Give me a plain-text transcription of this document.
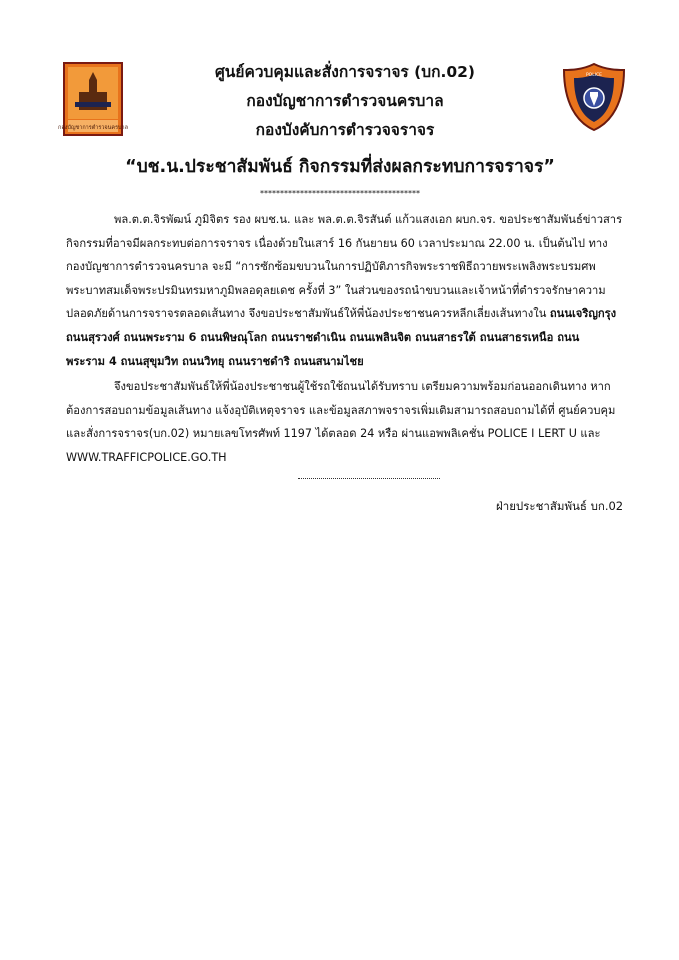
กองบัญชาการตำรวจนครบาล
POLICE
ศูนย์ควบคุมและสั่งการจราจร (บก.02)
กองบัญชาการตำรวจนครบาล
กองบังคับการตำรวจจราจร
“บช.น.ประชาสัมพันธ์ กิจกรรมที่ส่งผลกระทบการจราจร”
****************************************
พล.ต.ต.จิรพัฒน์ ภูมิจิตร รอง ผบช.น. และ พล.ต.ต.จิรสันต์ แก้วแสงเอก ผบก.จร. ขอประชาสัมพันธ์ข่าวสาร
กิจกรรมที่อาจมีผลกระทบต่อการจราจร เนื่องด้วยในเสาร์ 16 กันยายน 60 เวลาประมาณ 22.00 น. เป็นต้นไป ทาง
กองบัญชาการตำรวจนครบาล จะมี “การซักซ้อมขบวนในการปฏิบัติภารกิจพระราชพิธีถวายพระเพลิงพระบรมศพ
พระบาทสมเด็จพระปรมินทรมหาภูมิพลอดุลยเดช ครั้งที่ 3” ในส่วนของรถนำขบวนและเจ้าหน้าที่ตำรวจรักษาความ
ปลอดภัยด้านการจราจรตลอดเส้นทาง จึงขอประชาสัมพันธ์ให้พี่น้องประชาชนควรหลีกเลี่ยงเส้นทางใน ถนนเจริญกรุง
ถนนสุรวงศ์ ถนนพระราม 6 ถนนพิษณุโลก ถนนราชดำเนิน ถนนเพลินจิต ถนนสาธรใต้ ถนนสาธรเหนือ ถนน
พระราม 4 ถนนสุขุมวิท ถนนวิทยุ ถนนราชดำริ ถนนสนามไชย
จึงขอประชาสัมพันธ์ให้พี่น้องประชาชนผู้ใช้รถใช้ถนนได้รับทราบ เตรียมความพร้อมก่อนออกเดินทาง หาก
ต้องการสอบถามข้อมูลเส้นทาง แจ้งอุบัติเหตุจราจร และข้อมูลสภาพจราจรเพิ่มเติมสามารถสอบถามได้ที่ ศูนย์ควบคุม
และสั่งการจราจร(บก.02) หมายเลขโทรศัพท์ 1197 ได้ตลอด 24 หรือ ผ่านแอพพลิเคชั่น POLICE I LERT U และ
WWW.TRAFFICPOLICE.GO.TH
ฝ่ายประชาสัมพันธ์ บก.02
